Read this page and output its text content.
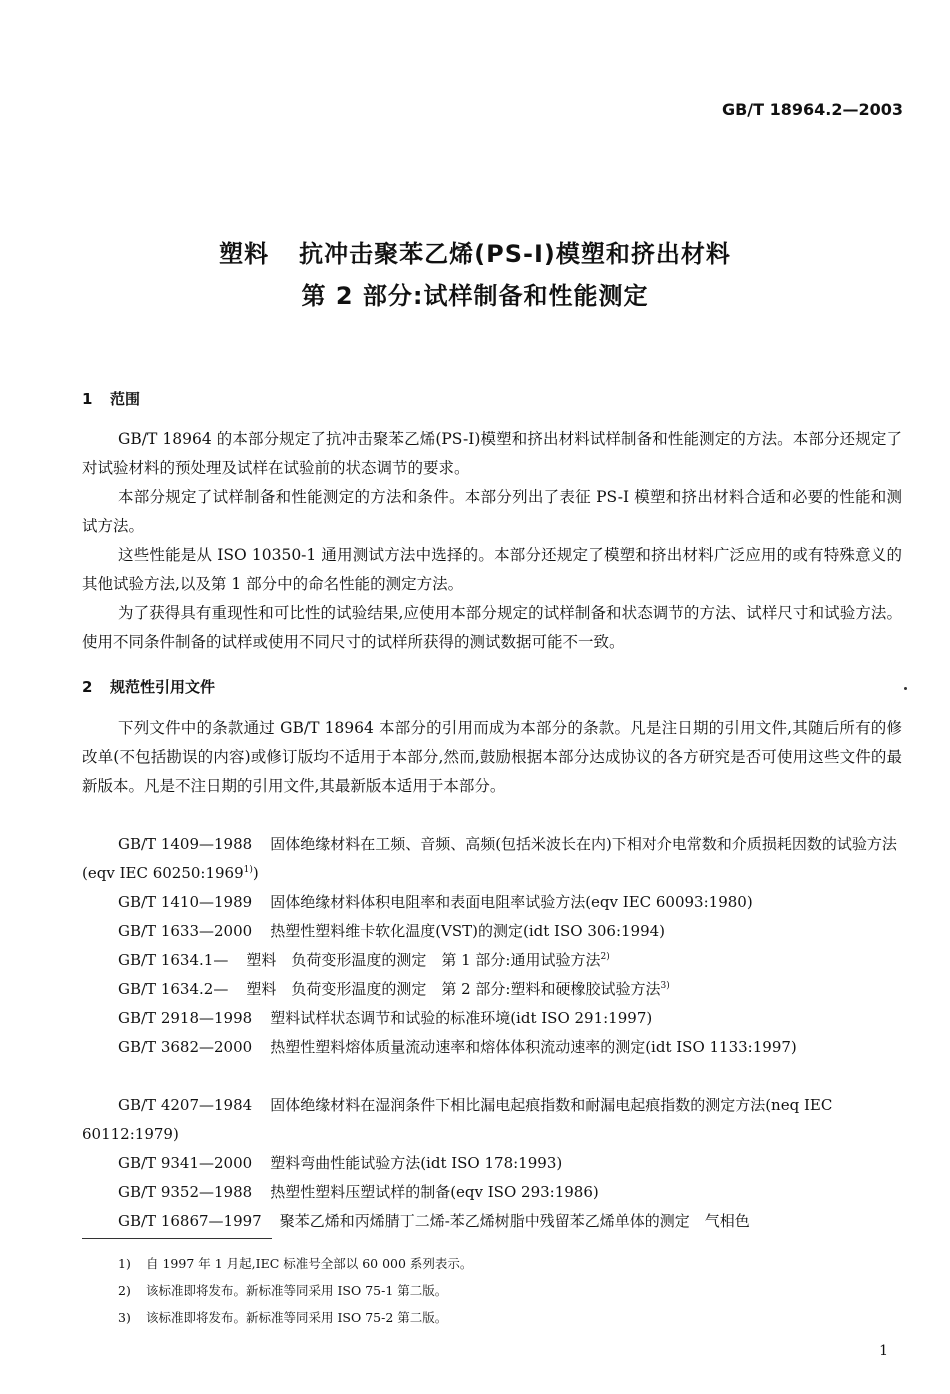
GB/T 18964.2—2003
塑料 抗冲击聚苯乙烯(PS-I)模塑和挤出材料
第 2 部分:试样制备和性能测定
1 范围

GB/T 18964 的本部分规定了抗冲击聚苯乙烯(PS-I)模塑和挤出材料试样制备和性能测定的方法。本部分还规定了对试验材料的预处理及试样在试验前的状态调节的要求。

本部分规定了试样制备和性能测定的方法和条件。本部分列出了表征 PS-I 模塑和挤出材料合适和必要的性能和测试方法。

这些性能是从 ISO 10350-1 通用测试方法中选择的。本部分还规定了模塑和挤出材料广泛应用的或有特殊意义的其他试验方法,以及第 1 部分中的命名性能的测定方法。

为了获得具有重现性和可比性的试验结果,应使用本部分规定的试样制备和状态调节的方法、试样尺寸和试验方法。使用不同条件制备的试样或使用不同尺寸的试样所获得的测试数据可能不一致。

2 规范性引用文件

下列文件中的条款通过 GB/T 18964 本部分的引用而成为本部分的条款。凡是注日期的引用文件,其随后所有的修改单(不包括勘误的内容)或修订版均不适用于本部分,然而,鼓励根据本部分达成协议的各方研究是否可使用这些文件的最新版本。凡是不注日期的引用文件,其最新版本适用于本部分。

GB/T 1409—1988 固体绝缘材料在工频、音频、高频(包括米波长在内)下相对介电常数和介质损耗因数的试验方法(eqv IEC 60250:1969$^{1)}$)

GB/T 1410—1989 固体绝缘材料体积电阻率和表面电阻率试验方法(eqv IEC 60093:1980)

GB/T 1633—2000 热塑性塑料维卡软化温度(VST)的测定(idt ISO 306:1994)

GB/T 1634.1— 塑料　负荷变形温度的测定　第 1 部分:通用试验方法$^{2)}$

GB/T 1634.2— 塑料　负荷变形温度的测定　第 2 部分:塑料和硬橡胶试验方法$^{3)}$

GB/T 2918—1998 塑料试样状态调节和试验的标准环境(idt ISO 291:1997)

GB/T 3682—2000 热塑性塑料熔体质量流动速率和熔体体积流动速率的测定(idt ISO 1133:1997)

GB/T 4207—1984 固体绝缘材料在湿润条件下相比漏电起痕指数和耐漏电起痕指数的测定方法(neq IEC 60112:1979)

GB/T 9341—2000 塑料弯曲性能试验方法(idt ISO 178:1993)

GB/T 9352—1988 热塑性塑料压塑试样的制备(eqv ISO 293:1986)

GB/T 16867—1997 聚苯乙烯和丙烯腈丁二烯-苯乙烯树脂中残留苯乙烯单体的测定　气相色

1) 自 1997 年 1 月起,IEC 标准号全部以 60 000 系列表示。
2) 该标准即将发布。新标准等同采用 ISO 75-1 第二版。
3) 该标准即将发布。新标准等同采用 ISO 75-2 第二版。
1
